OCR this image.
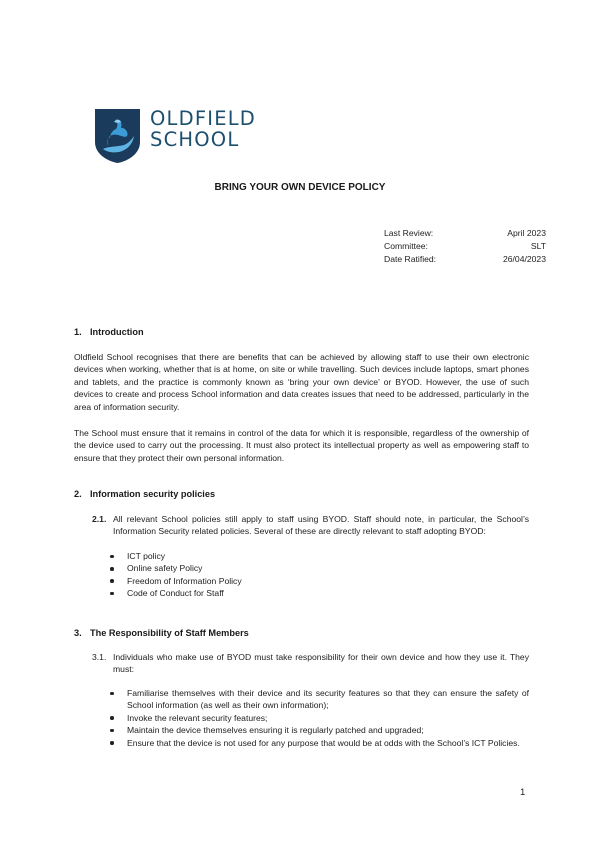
OLDFIELD
SCHOOL
BRING YOUR OWN DEVICE POLICY
Last Review:	April 2023
Committee:	SLT
Date Ratified:	26/04/2023
1. Introduction

Oldfield School recognises that there are benefits that can be achieved by allowing staff to use their own electronic devices when working, whether that is at home, on site or while travelling. Such devices include laptops, smart phones and tablets, and the practice is commonly known as ‘bring your own device’ or BYOD. However, the use of such devices to create and process School information and data creates issues that need to be addressed, particularly in the area of information security.

The School must ensure that it remains in control of the data for which it is responsible, regardless of the ownership of the device used to carry out the processing. It must also protect its intellectual property as well as empowering staff to ensure that they protect their own personal information.

2. Information security policies
2.1. All relevant School policies still apply to staff using BYOD. Staff should note, in particular, the School’s Information Security related policies. Several of these are directly relevant to staff adopting BYOD:
ICT policy
Online safety Policy
Freedom of Information Policy
Code of Conduct for Staff
3. The Responsibility of Staff Members
3.1. Individuals who make use of BYOD must take responsibility for their own device and how they use it. They must:
Familiarise themselves with their device and its security features so that they can ensure the safety of School information (as well as their own information);
Invoke the relevant security features;
Maintain the device themselves ensuring it is regularly patched and upgraded;
Ensure that the device is not used for any purpose that would be at odds with the School’s ICT Policies.
1
